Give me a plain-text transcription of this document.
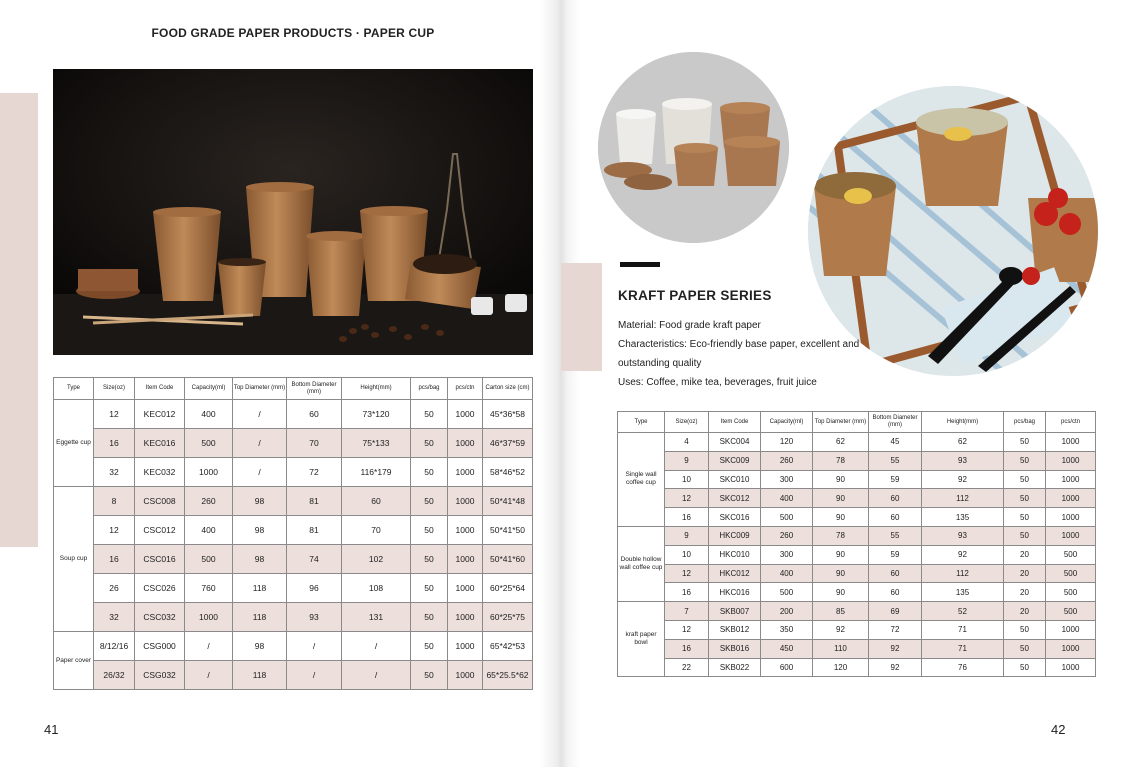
FOOD GRADE PAPER PRODUCTS · PAPER CUP
KRAFT PAPER SERIES
Material: Food grade kraft paper
Characteristics: Eco-friendly base paper, excellent and
outstanding quality
Uses: Coffee, mike tea, beverages, fruit juice
Type	Size(oz)	Item Code	Capacity(ml)	Top Diameter (mm)	Bottom Diameter (mm)	Height(mm)	pcs/bag	pcs/ctn	Carton size (cm)
Eggette cup	12	KEC012	400	/	60	73*120	50	1000	45*36*58
	16	KEC016	500	/	70	75*133	50	1000	46*37*59
	32	KEC032	1000	/	72	116*179	50	1000	58*46*52
Soup cup	8	CSC008	260	98	81	60	50	1000	50*41*48
	12	CSC012	400	98	81	70	50	1000	50*41*50
	16	CSC016	500	98	74	102	50	1000	50*41*60
	26	CSC026	760	118	96	108	50	1000	60*25*64
	32	CSC032	1000	118	93	131	50	1000	60*25*75
Paper cover	8/12/16	CSG000	/	98	/	/	50	1000	65*42*53
	26/32	CSG032	/	118	/	/	50	1000	65*25.5*62
Type	Size(oz)	Item Code	Capacity(ml)	Top Diameter (mm)	Bottom Diameter (mm)	Height(mm)	pcs/bag	pcs/ctn
Single wall coffee cup	4	SKC004	120	62	45	62	50	1000
	9	SKC009	260	78	55	93	50	1000
	10	SKC010	300	90	59	92	50	1000
	12	SKC012	400	90	60	112	50	1000
	16	SKC016	500	90	60	135	50	1000
Double hollow wall coffee cup	9	HKC009	260	78	55	93	50	1000
	10	HKC010	300	90	59	92	20	500
	12	HKC012	400	90	60	112	20	500
	16	HKC016	500	90	60	135	20	500
kraft paper bowl	7	SKB007	200	85	69	52	20	500
	12	SKB012	350	92	72	71	50	1000
	16	SKB016	450	110	92	71	50	1000
	22	SKB022	600	120	92	76	50	1000
41	42
